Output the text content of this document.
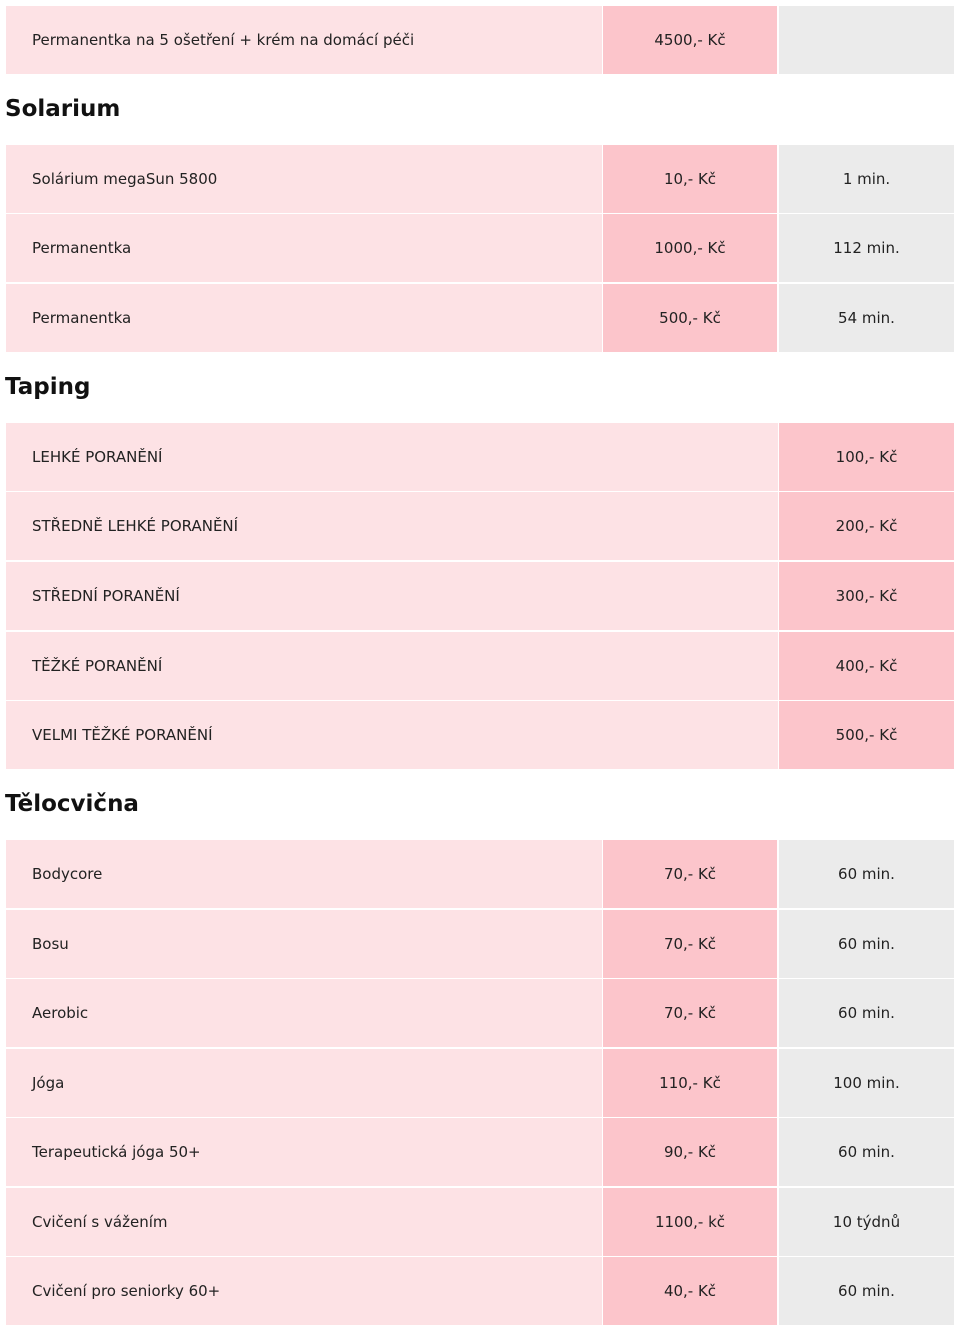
Permanentka na 5 ošetření + krém na domácí péči	4500,- Kč
Solarium
Solárium megaSun 5800	10,- Kč	1 min.
Permanentka	1000,- Kč	112 min.
Permanentka	500,- Kč	54 min.
Taping
LEHKÉ PORANĚNÍ	100,- Kč
STŘEDNĚ LEHKÉ PORANĚNÍ	200,- Kč
STŘEDNÍ PORANĚNÍ	300,- Kč
TĚŽKÉ PORANĚNÍ	400,- Kč
VELMI TĚŽKÉ PORANĚNÍ	500,- Kč
Tělocvična
Bodycore	70,- Kč	60 min.
Bosu	70,- Kč	60 min.
Aerobic	70,- Kč	60 min.
Jóga	110,- Kč	100 min.
Terapeutická jóga 50+	90,- Kč	60 min.
Cvičení s vážením	1100,- kč	10 týdnů
Cvičení pro seniorky 60+	40,- Kč	60 min.
